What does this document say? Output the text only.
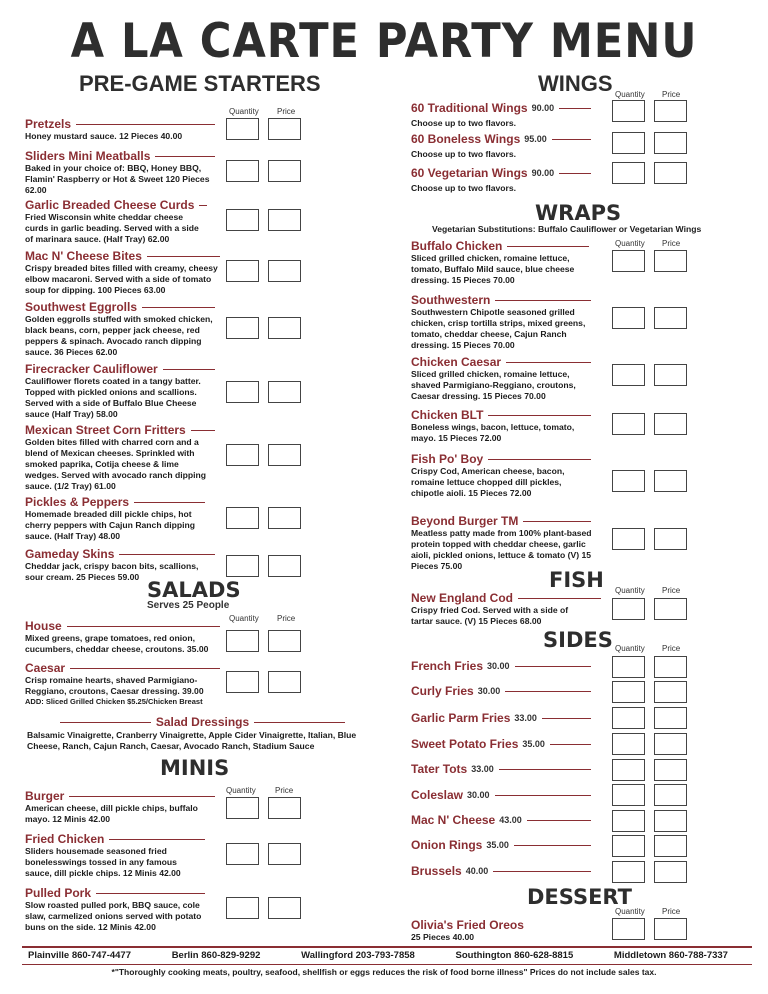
A LA CARTE PARTY MENU
PRE-GAME STARTERS
Quantity Price
Pretzels
Honey mustard sauce. 12 Pieces 40.00
Sliders Mini Meatballs
Baked in your choice of: BBQ, Honey BBQ, Flamin' Raspberry or Hot & Sweet 120 Pieces 62.00
Garlic Breaded Cheese Curds
Fried Wisconsin white cheddar cheese curds in garlic beading. Served with a side of marinara sauce. (Half Tray) 62.00
Mac N' Cheese Bites
Crispy breaded bites filled with creamy, cheesy elbow macaroni. Served with a side of tomato soup for dipping. 100 Pieces 63.00
Southwest Eggrolls
Golden eggrolls stuffed with smoked chicken, black beans, corn, pepper jack cheese, red peppers & spinach. Avocado ranch dipping sauce. 36 Pieces 62.00
Firecracker Cauliflower
Cauliflower florets coated in a tangy batter. Topped with pickled onions and scallions. Served with a side of Buffalo Blue Cheese sauce (Half Tray) 58.00
Mexican Street Corn Fritters
Golden bites filled with charred corn and a blend of Mexican cheeses. Sprinkled with smoked paprika, Cotija cheese & lime wedges. Served with avocado ranch dipping sauce. (1/2 Tray) 61.00
Pickles & Peppers
Homemade breaded dill pickle chips, hot cherry peppers with Cajun Ranch dipping sauce. (Half Tray) 48.00
Gameday Skins
Cheddar jack, crispy bacon bits, scallions, sour cream. 25 Pieces 59.00
SALADS
Serves 25 People
Quantity Price
House
Mixed greens, grape tomatoes, red onion, cucumbers, cheddar cheese, croutons. 35.00
Caesar
Crisp romaine hearts, shaved Parmigiano-Reggiano, croutons, Caesar dressing. 39.00
ADD: Sliced Grilled Chicken $5.25/Chicken Breast
Salad Dressings
Balsamic Vinaigrette, Cranberry Vinaigrette, Apple Cider Vinaigrette, Italian, Blue Cheese, Ranch, Cajun Ranch, Caesar, Avocado Ranch, Stadium Sauce
MINIS
Quantity Price
Burger
American cheese, dill pickle chips, buffalo mayo. 12 Minis 42.00
Fried Chicken
Sliders housemade seasoned fried bonelesswings tossed in any famous sauce, dill pickle chips. 12 Minis 42.00
Pulled Pork
Slow roasted pulled pork, BBQ sauce, cole slaw, carmelized onions served with potato buns on the side. 12 Minis 42.00
WINGS Quantity Price
60 Traditional Wings 90.00
Choose up to two flavors.
60 Boneless Wings 95.00
Choose up to two flavors.
60 Vegetarian Wings 90.00
Choose up to two flavors.
WRAPS
Vegetarian Substitutions: Buffalo Cauliflower or Vegetarian Wings
Quantity Price
Buffalo Chicken
Sliced grilled chicken, romaine lettuce, tomato, Buffalo Mild sauce, blue cheese dressing. 15 Pieces 70.00
Southwestern
Southwestern Chipotle seasoned grilled chicken, crisp tortilla strips, mixed greens, tomato, cheddar cheese, Cajun Ranch dressing. 15 Pieces 70.00
Chicken Caesar
Sliced grilled chicken, romaine lettuce, shaved Parmigiano-Reggiano, croutons, Caesar dressing. 15 Pieces 70.00
Chicken BLT
Boneless wings, bacon, lettuce, tomato, mayo. 15 Pieces 72.00
Fish Po' Boy
Crispy Cod, American cheese, bacon, romaine lettuce chopped dill pickles, chipotle aioli. 15 Pieces 72.00
Beyond Burger TM
Meatless patty made from 100% plant-based protein topped with cheddar cheese, garlic aioli, pickled onions, lettuce & tomato (V) 15 Pieces 75.00
FISH Quantity Price
New England Cod
Crispy fried Cod. Served with a side of tartar sauce. (V) 15 Pieces 68.00
SIDES Quantity Price
French Fries 30.00
Curly Fries 30.00
Garlic Parm Fries 33.00
Sweet Potato Fries 35.00
Tater Tots 33.00
Coleslaw 30.00
Mac N' Cheese 43.00
Onion Rings 35.00
Brussels 40.00
DESSERT
Quantity Price
Olivia's Fried Oreos
25 Pieces 40.00
Plainville 860-747-4477	Berlin 860-829-9292	Wallingford 203-793-7858	Southington 860-628-8815	Middletown 860-788-7337
*"Thoroughly cooking meats, poultry, seafood, shellfish or eggs reduces the risk of food borne illness" Prices do not include sales tax.
